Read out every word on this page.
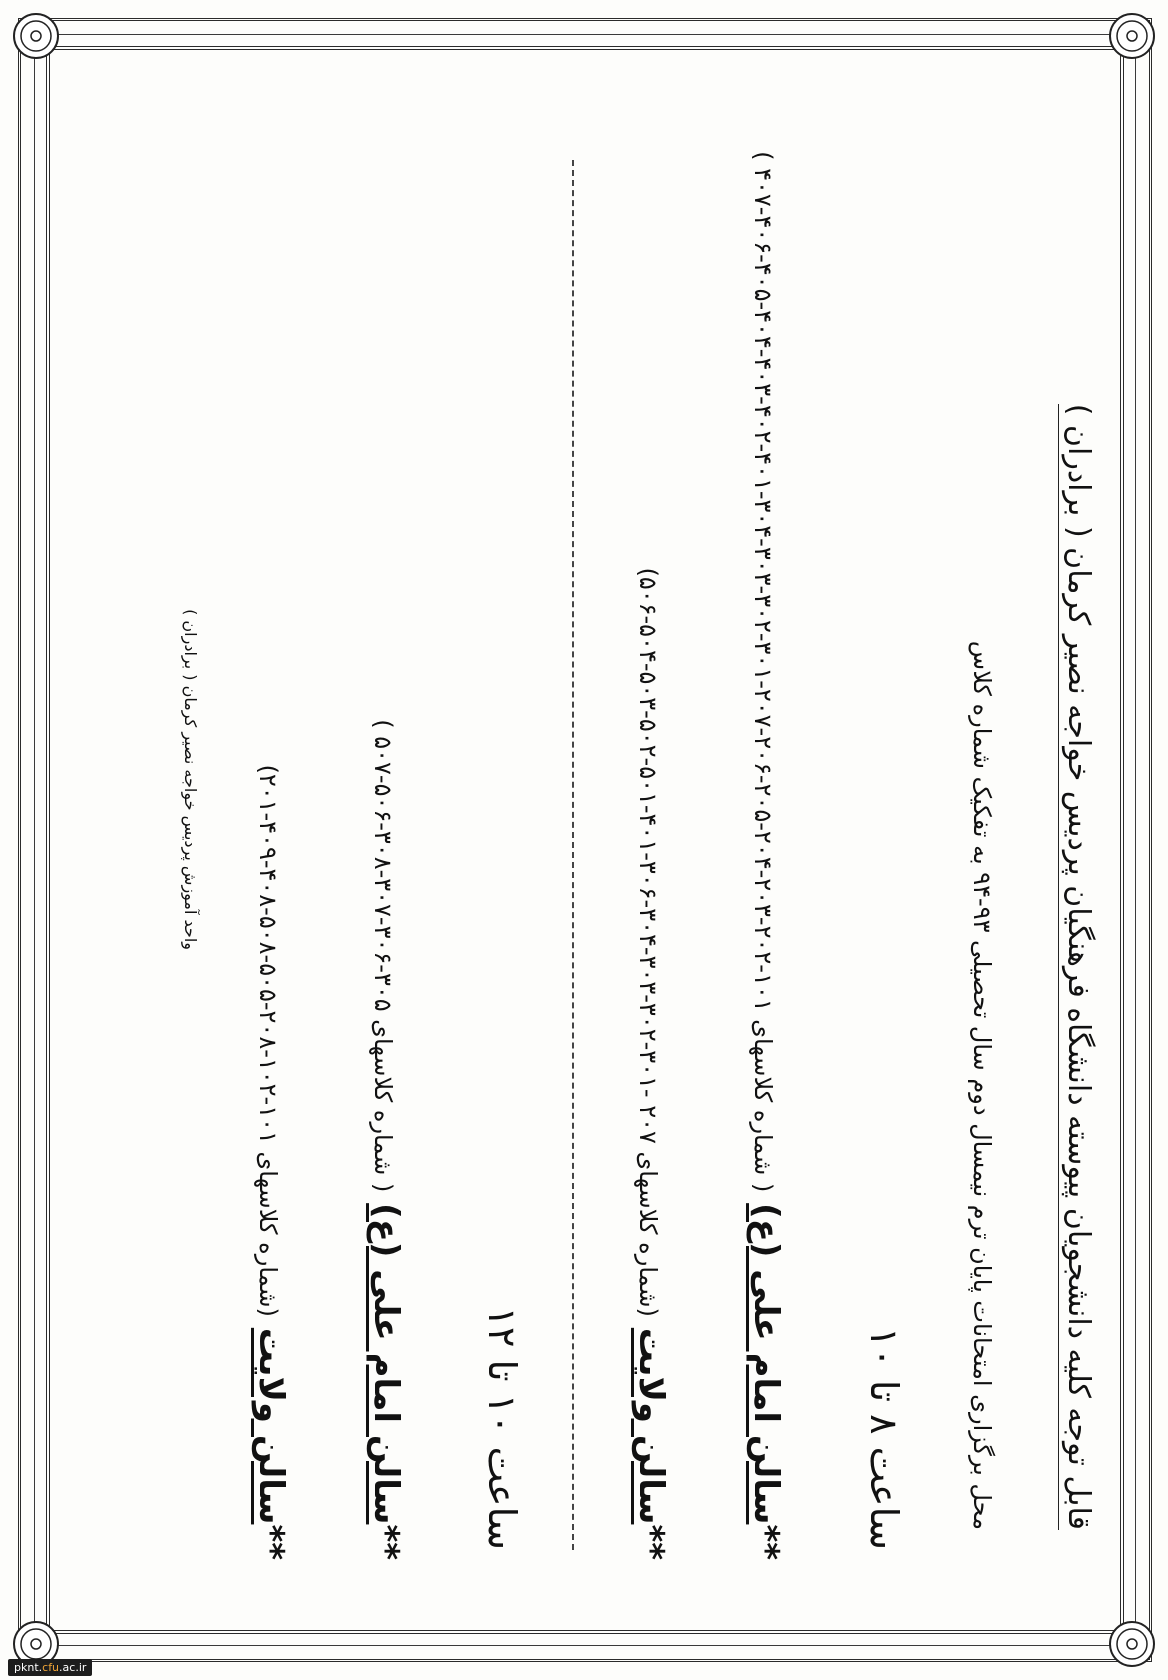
قابل توجه کلیه دانشجویان پیوسته دانشگاه فرهنگیان پردیس خواجه نصیر کرمان ( برادران )
محل برگزاری امتحانات پایان ترم نیمسال دوم سال تحصیلی ۹۳-۹۴ به تفکیک شماره کلاس
ساعت ۸ تا ۱۰
**سالن امام علی (ع) ( شماره کلاسهای ۱۰۱-۲۰۲-۲۰۳-۲۰۴-۲۰۵-۲۰۶-۲۰۷-۳۰۱-۳۰۲-۳۰۳-۳۰۴-۴۰۱-۴۰۲-۴۰۳-۴۰۴-۴۰۵-۴۰۶-۴۰۷ )
**سالن ولایت (شماره کلاسهای ۲۰۷ -۳۰۱-۳۰۲-۳۰۳-۳۰۴-۳۰۶-۴۰۱-۵۰۱-۵۰۲-۵۰۳-۵۰۴-۵۰۶)
ساعت ۱۰ تا ۱۲
**سالن امام علی (ع) ( شماره کلاسهای ۳۰۵-۳۰۶-۳۰۷-۳۰۸-۵۰۶-۵۰۷ )
**سالن ولایت (شماره کلاسهای ۱۰۱-۱۰۲-۲۰۸-۵۰۵-۵۰۸-۴۰۸-۴۰۹-۲۰۱)
واحد آموزش پردیس خواجه نصیر کرمان ( برادران )
pknt.cfu.ac.ir
